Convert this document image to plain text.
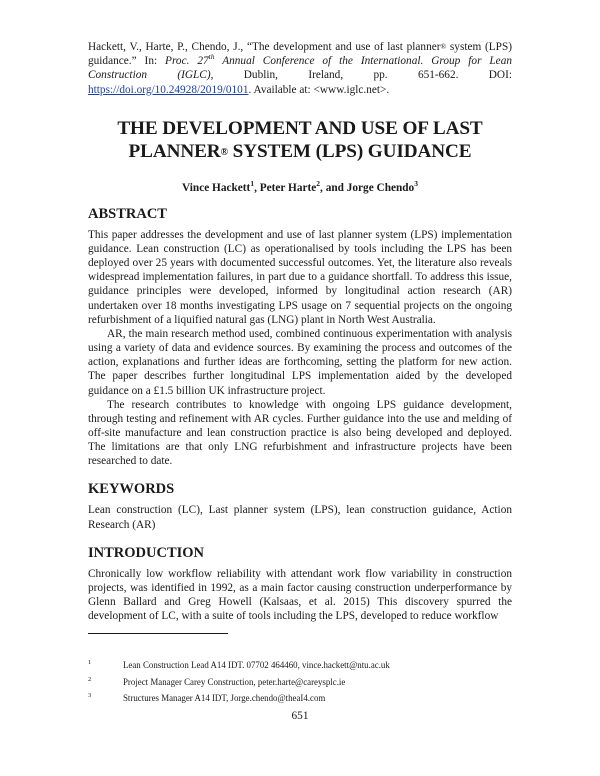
Hackett, V., Harte, P., Chendo, J., “The development and use of last planner® system (LPS) guidance.” In: Proc. 27th Annual Conference of the International. Group for Lean Construction (IGLC), Dublin, Ireland, pp. 651-662. DOI: https://doi.org/10.24928/2019/0101. Available at: <www.iglc.net>.

THE DEVELOPMENT AND USE OF LAST
PLANNER® SYSTEM (LPS) GUIDANCE

Vince Hackett$^1$, Peter Harte$^2$, and Jorge Chendo$^3$

ABSTRACT

This paper addresses the development and use of last planner system (LPS) implementation guidance. Lean construction (LC) as operationalised by tools including the LPS has been deployed over 25 years with documented successful outcomes. Yet, the literature also reveals widespread implementation failures, in part due to a guidance shortfall. To address this issue, guidance principles were developed, informed by longitudinal action research (AR) undertaken over 18 months investigating LPS usage on 7 sequential projects on the ongoing refurbishment of a liquified natural gas (LNG) plant in North West Australia.

AR, the main research method used, combined continuous experimentation with analysis using a variety of data and evidence sources. By examining the process and outcomes of the action, explanations and further ideas are forthcoming, setting the platform for new action. The paper describes further longitudinal LPS implementation aided by the developed guidance on a £1.5 billion UK infrastructure project.

The research contributes to knowledge with ongoing LPS guidance development, through testing and refinement with AR cycles. Further guidance into the use and melding of off-site manufacture and lean construction practice is also being developed and deployed. The limitations are that only LNG refurbishment and infrastructure projects have been researched to date.

KEYWORDS

Lean construction (LC), Last planner system (LPS), lean construction guidance, Action Research (AR)

INTRODUCTION

Chronically low workflow reliability with attendant work flow variability in construction projects, was identified in 1992, as a main factor causing construction underperformance by Glenn Ballard and Greg Howell (Kalsaas, et al. 2015) This discovery spurred the development of LC, with a suite of tools including the LPS, developed to reduce workflow

1	Lean Construction Lead A14 IDT. 07702 464460, vince.hackett@ntu.ac.uk
2	Project Manager Carey Construction, peter.harte@careysplc.ie
3	Structures Manager A14 IDT, Jorge.chendo@theaI4.com
651
